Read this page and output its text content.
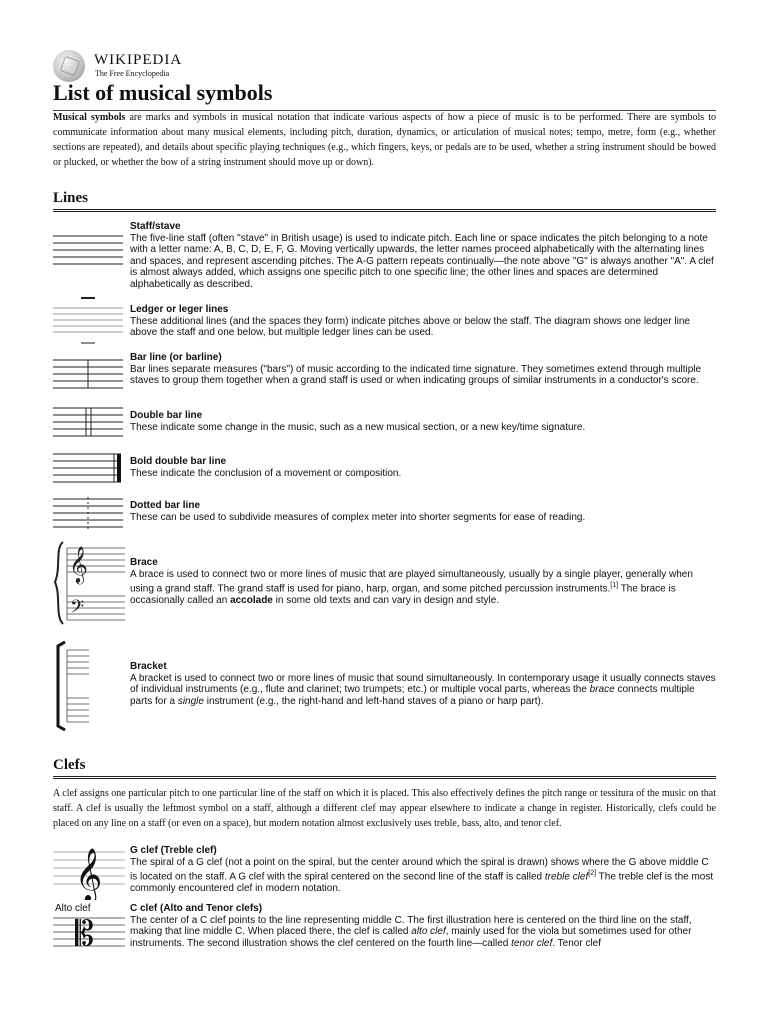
WIKIPEDIA
The Free Encyclopedia
List of musical symbols
Musical symbols are marks and symbols in musical notation that indicate various aspects of how a piece of music is to be performed. There are symbols to communicate information about many musical elements, including pitch, duration, dynamics, or articulation of musical notes; tempo, metre, form (e.g., whether sections are repeated), and details about specific playing techniques (e.g., which fingers, keys, or pedals are to be used, whether a string instrument should be bowed or plucked, or whether the bow of a string instrument should move up or down).
Lines
Staff/stave
The five-line staff (often "stave" in British usage) is used to indicate pitch. Each line or space indicates the pitch belonging to a note with a letter name: A, B, C, D, E, F, G. Moving vertically upwards, the letter names proceed alphabetically with the alternating lines and spaces, and represent ascending pitches. The A-G pattern repeats continually—the note above "G" is always another "A". A clef is almost always added, which assigns one specific pitch to one specific line; the other lines and spaces are determined alphabetically as described.
Ledger or leger lines
These additional lines (and the spaces they form) indicate pitches above or below the staff. The diagram shows one ledger line above the staff and one below, but multiple ledger lines can be used.
Bar line (or barline)
Bar lines separate measures ("bars") of music according to the indicated time signature. They sometimes extend through multiple staves to group them together when a grand staff is used or when indicating groups of similar instruments in a conductor's score.
Double bar line
These indicate some change in the music, such as a new musical section, or a new key/time signature.
Bold double bar line
These indicate the conclusion of a movement or composition.
Dotted bar line
These can be used to subdivide measures of complex meter into shorter segments for ease of reading.
𝄞
𝄢
Brace
A brace is used to connect two or more lines of music that are played simultaneously, usually by a single player, generally when using a grand staff. The grand staff is used for piano, harp, organ, and some pitched percussion instruments.[1] The brace is occasionally called an accolade in some old texts and can vary in design and style.
Bracket
A bracket is used to connect two or more lines of music that sound simultaneously. In contemporary usage it usually connects staves of individual instruments (e.g., flute and clarinet; two trumpets; etc.) or multiple vocal parts, whereas the brace connects multiple parts for a single instrument (e.g., the right-hand and left-hand staves of a piano or harp part).
Clefs
A clef assigns one particular pitch to one particular line of the staff on which it is placed. This also effectively defines the pitch range or tessitura of the music on that staff. A clef is usually the leftmost symbol on a staff, although a different clef may appear elsewhere to indicate a change in register. Historically, clefs could be placed on any line on a staff (or even on a space), but modern notation almost exclusively uses treble, bass, alto, and tenor clef.
𝄞	G clef (Treble clef)
The spiral of a G clef (not a point on the spiral, but the center around which the spiral is drawn) shows where the G above middle C is located on the staff. A G clef with the spiral centered on the second line of the staff is called treble clef[2] The treble clef is the most commonly encountered clef in modern notation.
Alto clef
𝄡
C clef (Alto and Tenor clefs)
The center of a C clef points to the line representing middle C. The first illustration here is centered on the third line on the staff, making that line middle C. When placed there, the clef is called alto clef, mainly used for the viola but sometimes used for other instruments. The second illustration shows the clef centered on the fourth line—called tenor clef. Tenor clef
